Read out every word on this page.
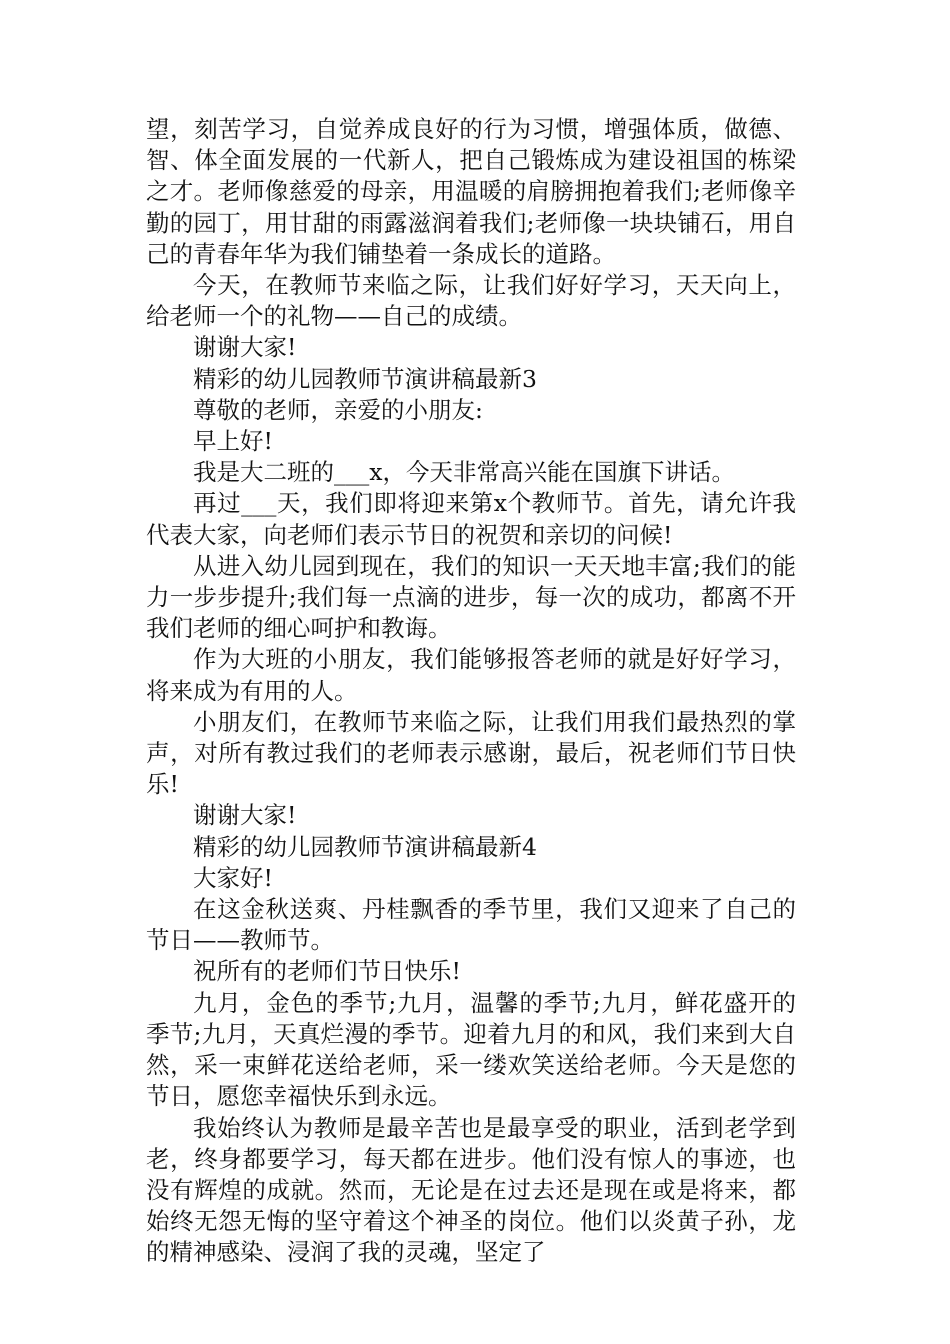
望，刻苦学习，自觉养成良好的行为习惯，增强体质，做德、智、体全面发展的一代新人，把自己锻炼成为建设祖国的栋梁之才。老师像慈爱的母亲，用温暖的肩膀拥抱着我们;老师像辛勤的园丁，用甘甜的雨露滋润着我们;老师像一块块铺石，用自己的青春年华为我们铺垫着一条成长的道路。

今天，在教师节来临之际，让我们好好学习，天天向上，给老师一个的礼物——自己的成绩。

谢谢大家!

精彩的幼儿园教师节演讲稿最新3

尊敬的老师，亲爱的小朋友:

早上好!

我是大二班的___x，今天非常高兴能在国旗下讲话。

再过___天，我们即将迎来第x个教师节。首先，请允许我代表大家，向老师们表示节日的祝贺和亲切的问候!

从进入幼儿园到现在，我们的知识一天天地丰富;我们的能力一步步提升;我们每一点滴的进步，每一次的成功，都离不开我们老师的细心呵护和教诲。

作为大班的小朋友，我们能够报答老师的就是好好学习，将来成为有用的人。

小朋友们，在教师节来临之际，让我们用我们最热烈的掌声，对所有教过我们的老师表示感谢，最后，祝老师们节日快乐!

谢谢大家!

精彩的幼儿园教师节演讲稿最新4

大家好!

在这金秋送爽、丹桂飘香的季节里，我们又迎来了自己的节日——教师节。

祝所有的老师们节日快乐!

九月，金色的季节;九月，温馨的季节;九月，鲜花盛开的季节;九月，天真烂漫的季节。迎着九月的和风，我们来到大自然，采一束鲜花送给老师，采一缕欢笑送给老师。今天是您的节日，愿您幸福快乐到永远。

我始终认为教师是最辛苦也是最享受的职业，活到老学到老，终身都要学习，每天都在进步。他们没有惊人的事迹，也没有辉煌的成就。然而，无论是在过去还是现在或是将来，都始终无怨无悔的坚守着这个神圣的岗位。他们以炎黄子孙，龙的精神感染、浸润了我的灵魂，坚定了
